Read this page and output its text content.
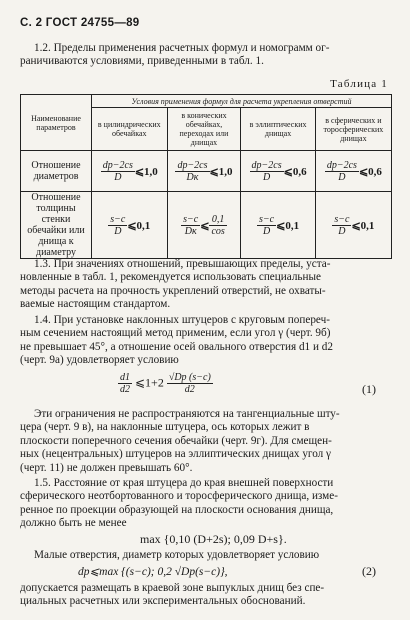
С. 2 ГОСТ 24755—89
1.2. Пределы применения расчетных формул и номограмм ог-
раничиваются условиями, приведенными в табл. 1.
Таблица 1
Наименование параметров	Условия применения формул для расчета укрепления отверстий			
	в цилиндрических обечайках	в конических обечайках, переходах или днищах	в эллиптических днищах	в сферических и торосферических днищах
Отношение диаметров	$\frac{dр-2cs}{D}$ ⩽1,0	$\frac{dр-2cs}{Dк}$ ⩽1,0	$\frac{dр-2cs}{D}$ ⩽0,6	$\frac{dр-2cs}{D}$ ⩽0,6
Отношение толщины стенки обечайки или днища к диаметру	$\frac{s-c}{D}$ ⩽0,1	$\frac{s-c}{Dк}$ ⩽ $\frac{0,1}{\cos}$	$\frac{s-c}{D}$ ⩽0,1	$\frac{s-c}{D}$ ⩽0,1
1.3. При значениях отношений, превышающих пределы, уста-
новленные в табл. 1, рекомендуется использовать специальные
методы расчета на прочность укреплений отверстий, не охваты-
ваемые настоящим стандартом.
1.4. При установке наклонных штуцеров с круговым попереч-
ным сечением настоящий метод применим, если угол γ (черт. 9б)
не превышает 45°, а отношение осей овального отверстия d1 и d2
(черт. 9а) удовлетворяет условию
$\frac{d1}{d2}$ ⩽1+2 $\frac{√Dр (s-c)}{d2}$	(1)
Эти ограничения не распространяются на тангенциальные шту-
цера (черт. 9 в), на наклонные штуцера, ось которых лежит в
плоскости поперечного сечения обечайки (черт. 9г). Для смещен-
ных (нецентральных) штуцеров на эллиптических днищах угол γ
(черт. 11) не должен превышать 60°.
1.5. Расстояние от края штуцера до края внешней поверхности
сферического неотбортованного и торосферического днища, изме-
ренное по проекции образующей на плоскости основания днища,
должно быть не менее
max {0,10 (D+2s); 0,09 D+s}.
Малые отверстия, диаметр которых удовлетворяет условию
dр⩽max {(s−c); 0,2 √Dр(s−c)},	(2)
допускается размещать в краевой зоне выпуклых днищ без спе-
циальных расчетных или экспериментальных обоснований.
